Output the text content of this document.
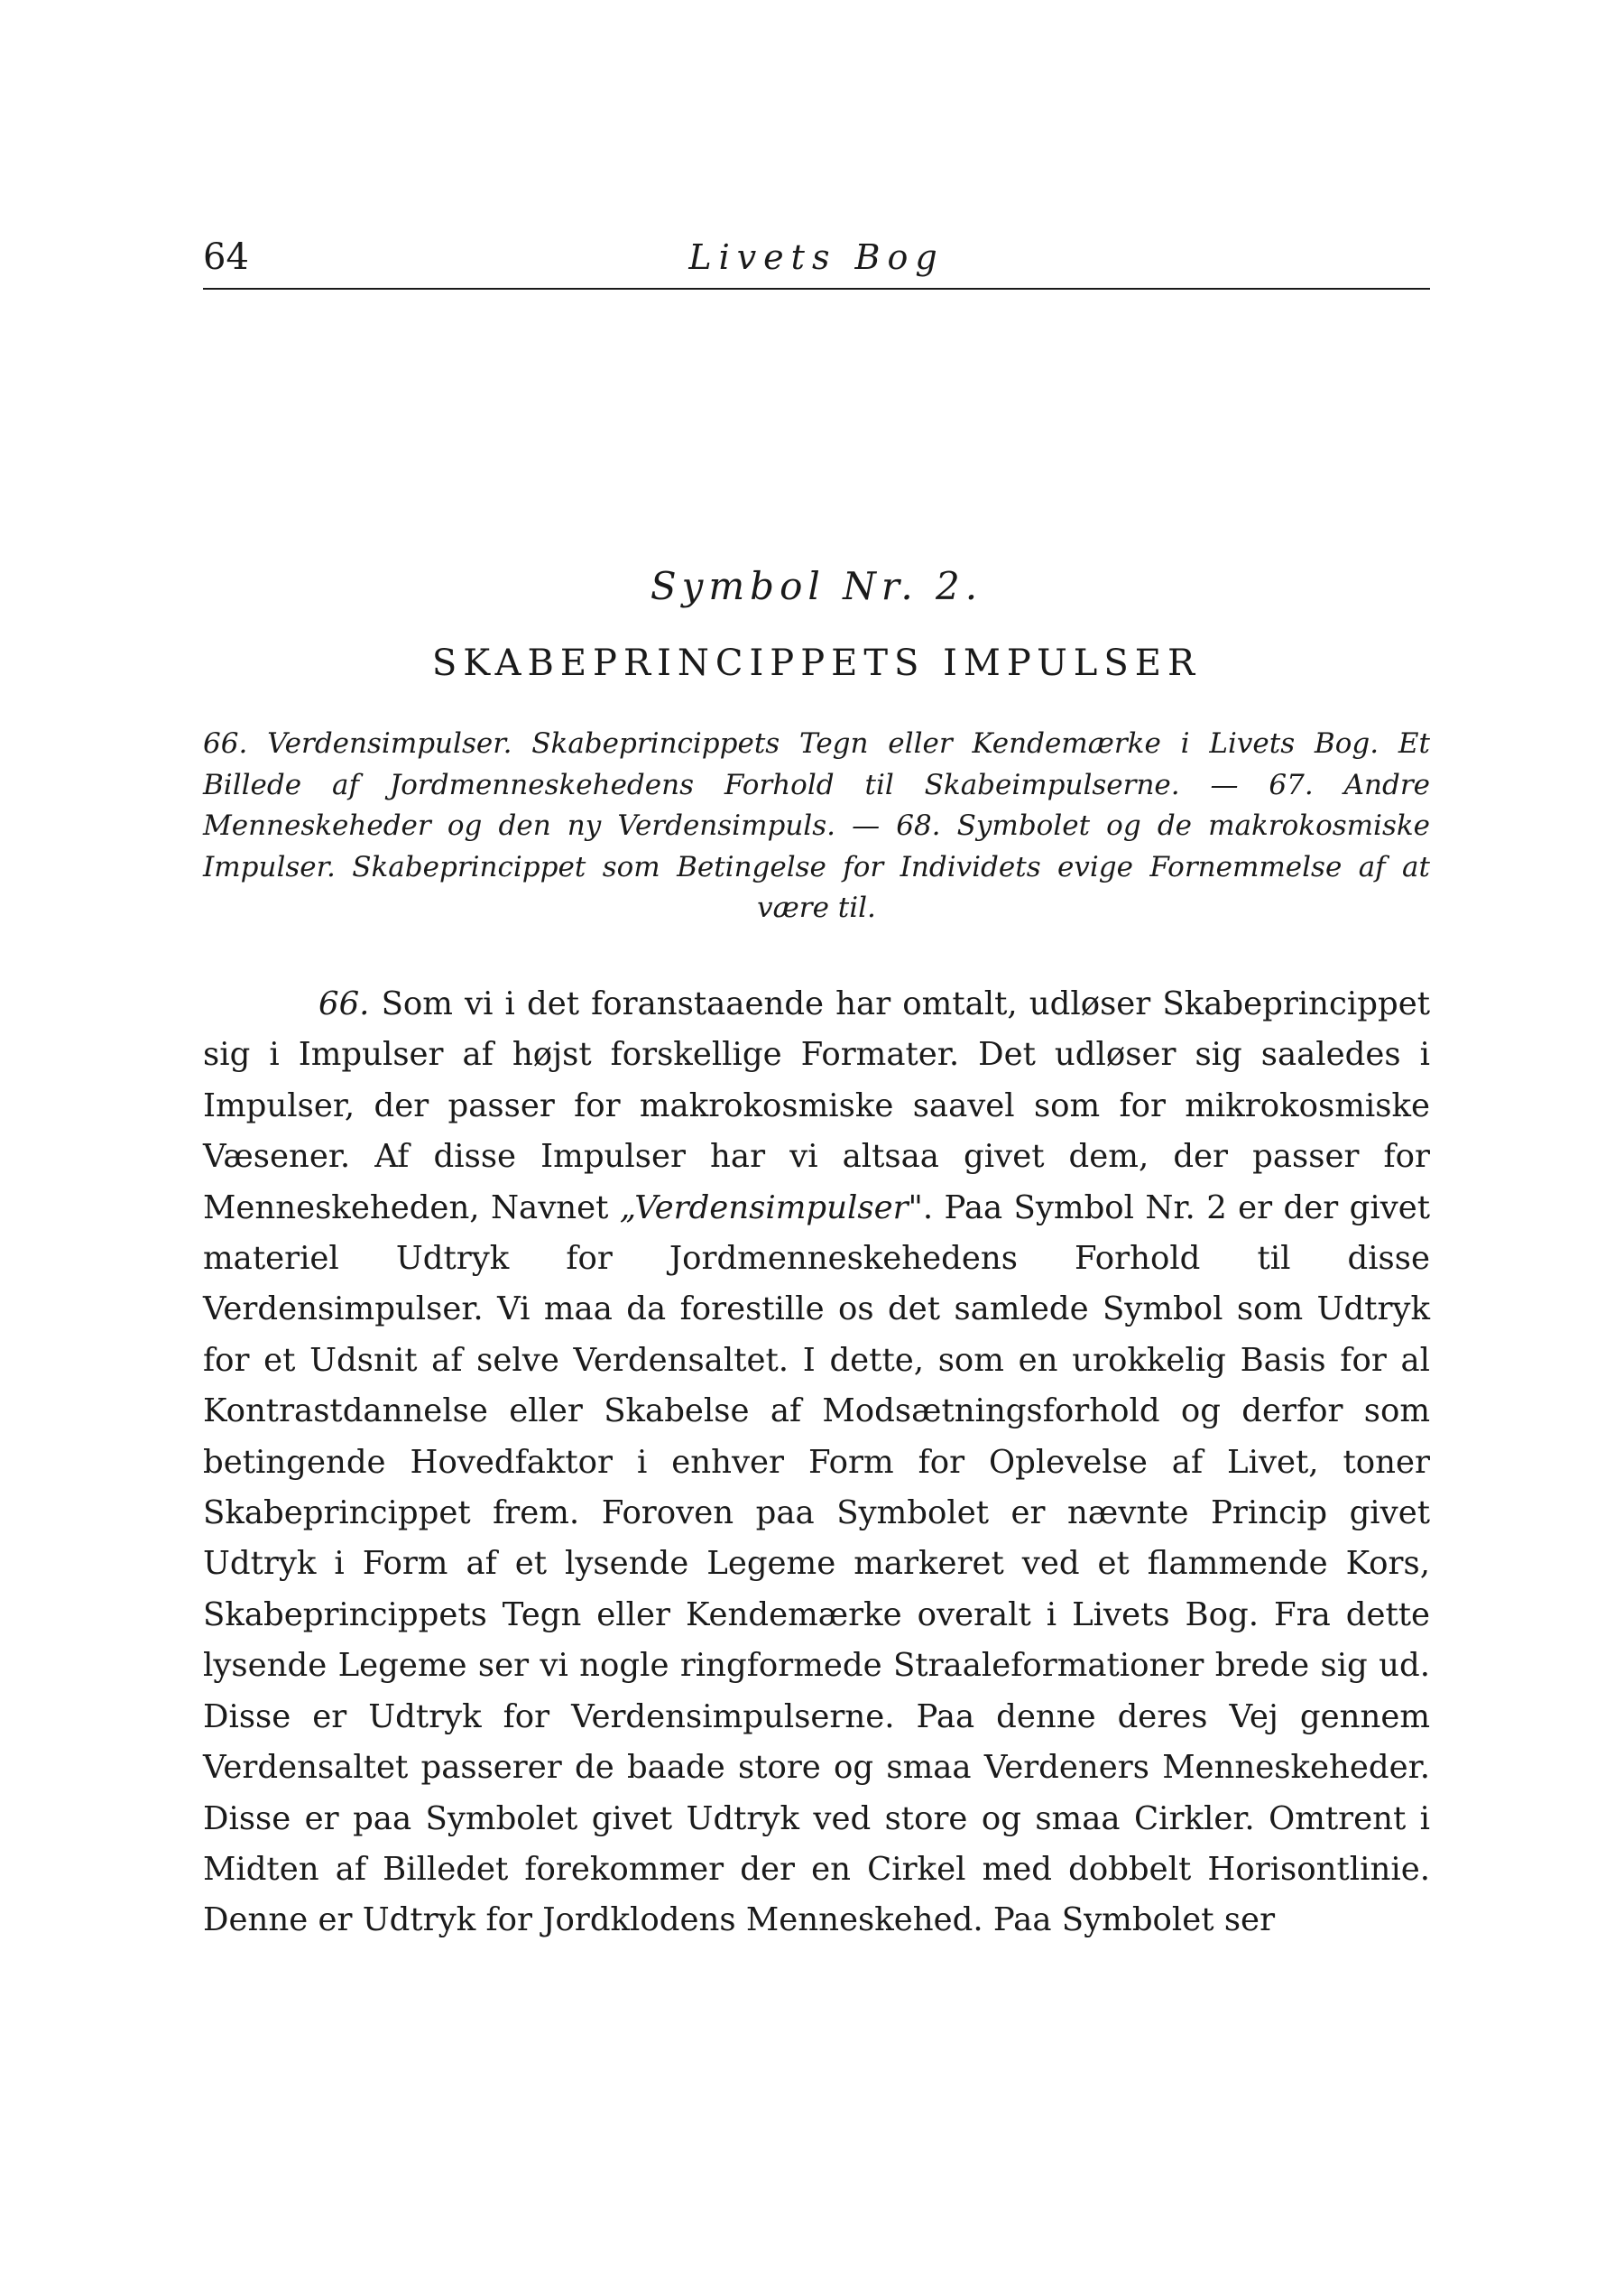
64	Livets Bog
Symbol Nr. 2.
SKABEPRINCIPPETS IMPULSER

66. Verdensimpulser. Skabeprincippets Tegn eller Kendemærke i Livets Bog. Et Billede af Jordmenneskehedens Forhold til Skabeimpulserne. — 67. Andre Menneskeheder og den ny Verdensimpuls. — 68. Symbolet og de makrokosmiske Impulser. Skabeprincippet som Betingelse for Individets evige Fornemmelse af at være til.

66. Som vi i det foranstaaende har omtalt, udløser Skabeprincippet sig i Impulser af højst forskellige Formater. Det udløser sig saaledes i Impulser, der passer for makrokosmiske saavel som for mikrokosmiske Væsener. Af disse Impulser har vi altsaa givet dem, der passer for Menneskeheden, Navnet „Verdensimpulser". Paa Symbol Nr. 2 er der givet materiel Udtryk for Jordmenneskehedens Forhold til disse Verdensimpulser. Vi maa da forestille os det samlede Symbol som Udtryk for et Udsnit af selve Verdensaltet. I dette, som en urokkelig Basis for al Kontrastdannelse eller Skabelse af Modsætningsforhold og derfor som betingende Hovedfaktor i enhver Form for Oplevelse af Livet, toner Skabeprincippet frem. Foroven paa Symbolet er nævnte Princip givet Udtryk i Form af et lysende Legeme markeret ved et flammende Kors, Skabeprincippets Tegn eller Kendemærke overalt i Livets Bog. Fra dette lysende Legeme ser vi nogle ringformede Straaleformationer brede sig ud. Disse er Udtryk for Verdensimpulserne. Paa denne deres Vej gennem Verdensaltet passerer de baade store og smaa Verdeners Menneskeheder. Disse er paa Symbolet givet Udtryk ved store og smaa Cirkler. Omtrent i Midten af Billedet forekommer der en Cirkel med dobbelt Horisontlinie. Denne er Udtryk for Jordklodens Menneskehed. Paa Symbolet ser
